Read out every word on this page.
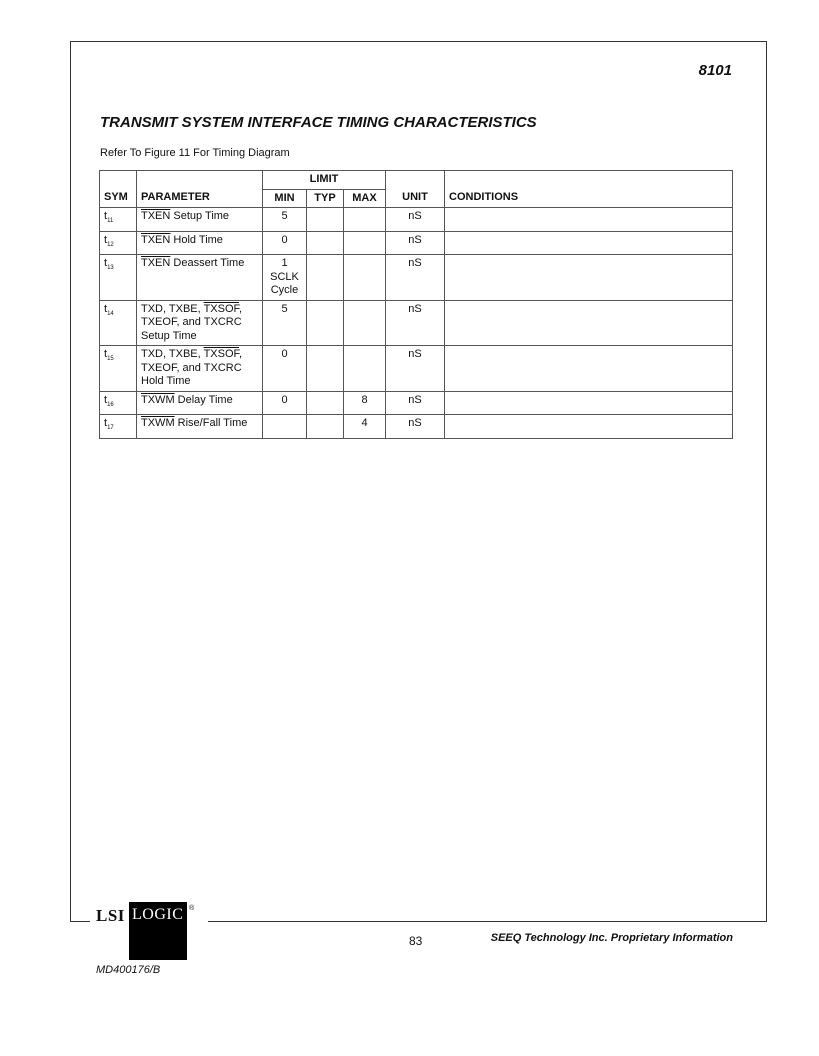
8101
TRANSMIT SYSTEM INTERFACE TIMING CHARACTERISTICS
Refer To Figure 11 For Timing Diagram
		LIMIT				
SYM	PARAMETER	MIN	TYP	MAX	UNIT	CONDITIONS
$t_{11}$	TXEN Setup Time	5			nS	
$t_{12}$	TXEN Hold Time	0			nS	
$t_{13}$	TXEN Deassert Time	1
SCLK
Cycle			nS	
$t_{14}$	TXD, TXBE, TXSOF,
TXEOF, and TXCRC
Setup Time	5			nS	
$t_{15}$	TXD, TXBE, TXSOF,
TXEOF, and TXCRC
Hold Time	0			nS	
$t_{16}$	TXWM Delay Time	0		8	nS	
$t_{17}$	TXWM Rise/Fall Time			4	nS	
LSI LOGIC ®
83	SEEQ Technology Inc. Proprietary Information
MD400176/B
